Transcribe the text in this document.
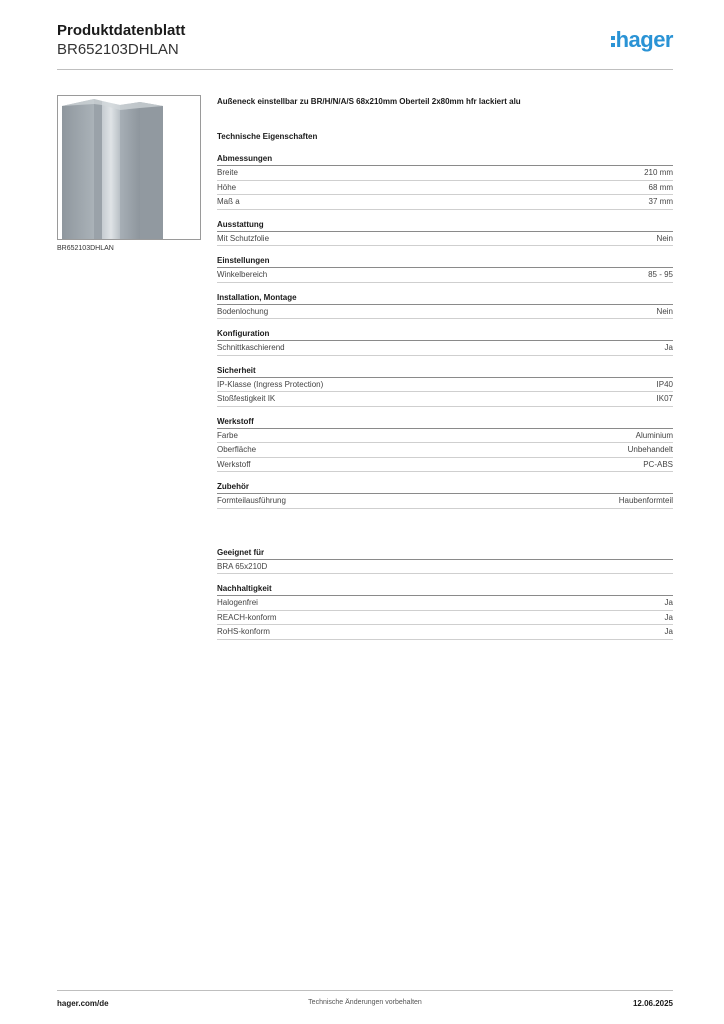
Produktdatenblatt
BR652103DHLAN	hager
BR652103DHLAN
Außeneck einstellbar zu BR/H/N/A/S 68x210mm Oberteil 2x80mm hfr lackiert alu
Technische Eigenschaften
Abmessungen
Breite	210 mm
Höhe	68 mm
Maß a	37 mm
Ausstattung
Mit Schutzfolie	Nein
Einstellungen
Winkelbereich	85 - 95
Installation, Montage
Bodenlochung	Nein
Konfiguration
Schnittkaschierend	Ja
Sicherheit
IP-Klasse (Ingress Protection)	IP40
Stoßfestigkeit IK	IK07
Werkstoff
Farbe	Aluminium
Oberfläche	Unbehandelt
Werkstoff	PC-ABS
Zubehör
Formteilausführung	Haubenformteil
Geeignet für
BRA 65x210D
Nachhaltigkeit
Halogenfrei	Ja
REACH-konform	Ja
RoHS-konform	Ja
hager.com/de	Technische Änderungen vorbehalten	12.06.2025
